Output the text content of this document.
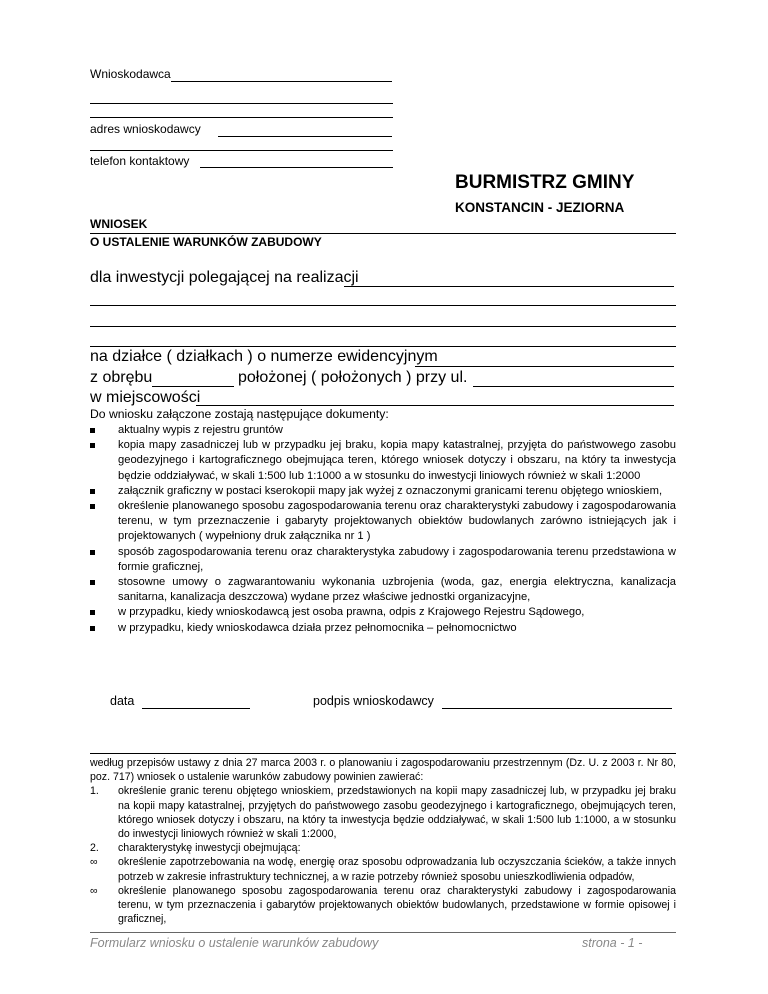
Wnioskodawca
adres wnioskodawcy
telefon kontaktowy
BURMISTRZ GMINY
KONSTANCIN - JEZIORNA
WNIOSEK
O USTALENIE WARUNKÓW ZABUDOWY
dla inwestycji polegającej na realizacji
na działce ( działkach ) o numerze ewidencyjnym
z obrębu	położonej ( położonych ) przy ul.
w miejscowości
Do wniosku załączone zostają następujące dokumenty:
aktualny wypis z rejestru gruntów
kopia mapy zasadniczej lub w przypadku jej braku, kopia mapy katastralnej, przyjęta do państwowego zasobu geodezyjnego i kartograficznego obejmująca teren, którego wniosek dotyczy i obszaru, na który ta inwestycja będzie oddziaływać, w skali 1:500 lub 1:1000 a w stosunku do inwestycji liniowych również w skali 1:2000
załącznik graficzny w postaci kserokopii mapy jak wyżej z oznaczonymi granicami terenu objętego wnioskiem,
określenie planowanego sposobu zagospodarowania terenu oraz charakterystyki zabudowy i zagospodarowania terenu, w tym przeznaczenie i gabaryty projektowanych obiektów budowlanych zarówno istniejących jak i projektowanych ( wypełniony druk załącznika nr 1 )
sposób zagospodarowania terenu oraz charakterystyka zabudowy i zagospodarowania terenu przedstawiona w formie graficznej,
stosowne umowy o zagwarantowaniu wykonania uzbrojenia (woda, gaz, energia elektryczna, kanalizacja sanitarna, kanalizacja deszczowa) wydane przez właściwe jednostki organizacyjne,
w przypadku, kiedy wnioskodawcą jest osoba prawna, odpis z Krajowego Rejestru Sądowego,
w przypadku, kiedy wnioskodawca działa przez pełnomocnika – pełnomocnictwo
data	podpis wnioskodawcy
według przepisów ustawy z dnia 27 marca 2003 r. o planowaniu i zagospodarowaniu przestrzennym (Dz. U. z 2003 r. Nr 80, poz. 717) wniosek o ustalenie warunków zabudowy powinien zawierać:
1. określenie granic terenu objętego wnioskiem, przedstawionych na kopii mapy zasadniczej lub, w przypadku jej braku na kopii mapy katastralnej, przyjętych do państwowego zasobu geodezyjnego i kartograficznego, obejmujących teren, którego wniosek dotyczy i obszaru, na który ta inwestycja będzie oddziaływać, w skali 1:500 lub 1:1000, a w stosunku do inwestycji liniowych również w skali 1:2000,
2. charakterystykę inwestycji obejmującą:
∞ określenie zapotrzebowania na wodę, energię oraz sposobu odprowadzania lub oczyszczania ścieków, a także innych potrzeb w zakresie infrastruktury technicznej, a w razie potrzeby również sposobu unieszkodliwienia odpadów,
∞ określenie planowanego sposobu zagospodarowania terenu oraz charakterystyki zabudowy i zagospodarowania terenu, w tym przeznaczenia i gabarytów projektowanych obiektów budowlanych, przedstawione w formie opisowej i graficznej,
Formularz wniosku o ustalenie warunków zabudowy	strona - 1 -
